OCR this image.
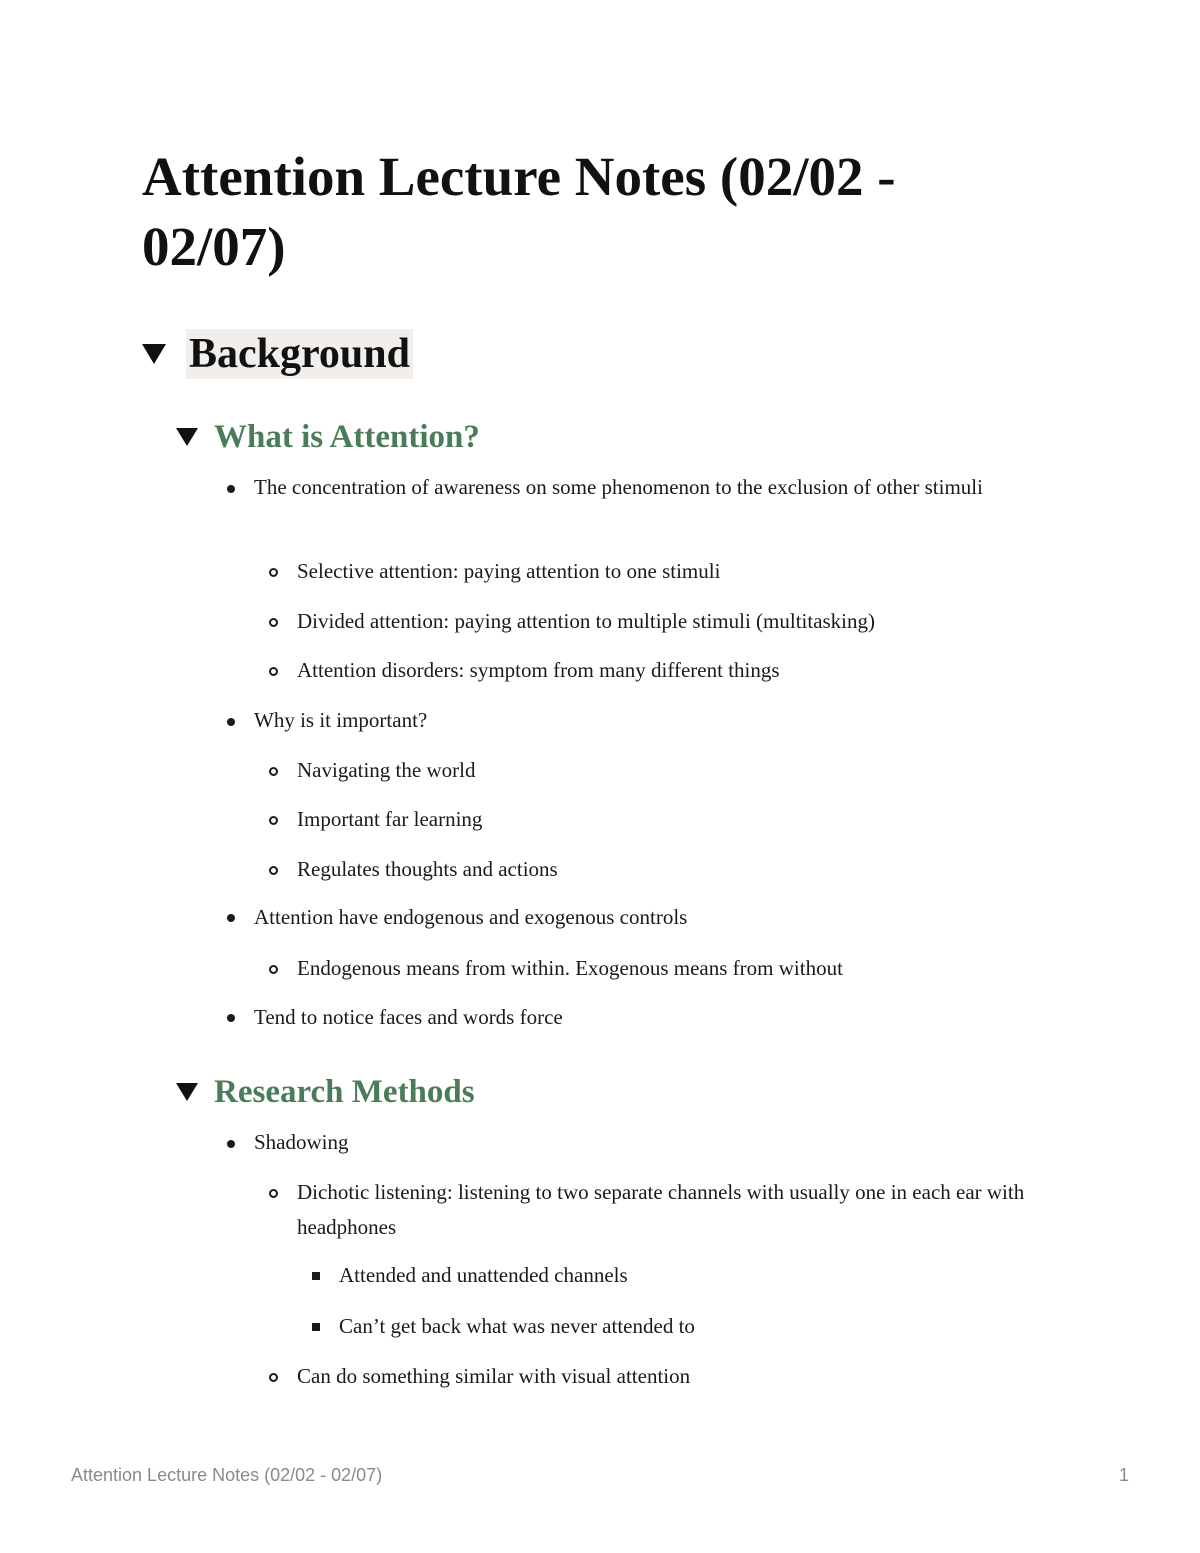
Attention Lecture Notes (02/02 - 02/07)
Background
What is Attention?
The concentration of awareness on some phenomenon to the exclusion of other stimuli
Selective attention: paying attention to one stimuli
Divided attention: paying attention to multiple stimuli (multitasking)
Attention disorders: symptom from many different things
Why is it important?
Navigating the world
Important far learning
Regulates thoughts and actions
Attention have endogenous and exogenous controls
Endogenous means from within. Exogenous means from without
Tend to notice faces and words force
Research Methods
Shadowing
Dichotic listening: listening to two separate channels with usually one in each ear with headphones
Attended and unattended channels
Can’t get back what was never attended to
Can do something similar with visual attention
Attention Lecture Notes (02/02 - 02/07)	1
